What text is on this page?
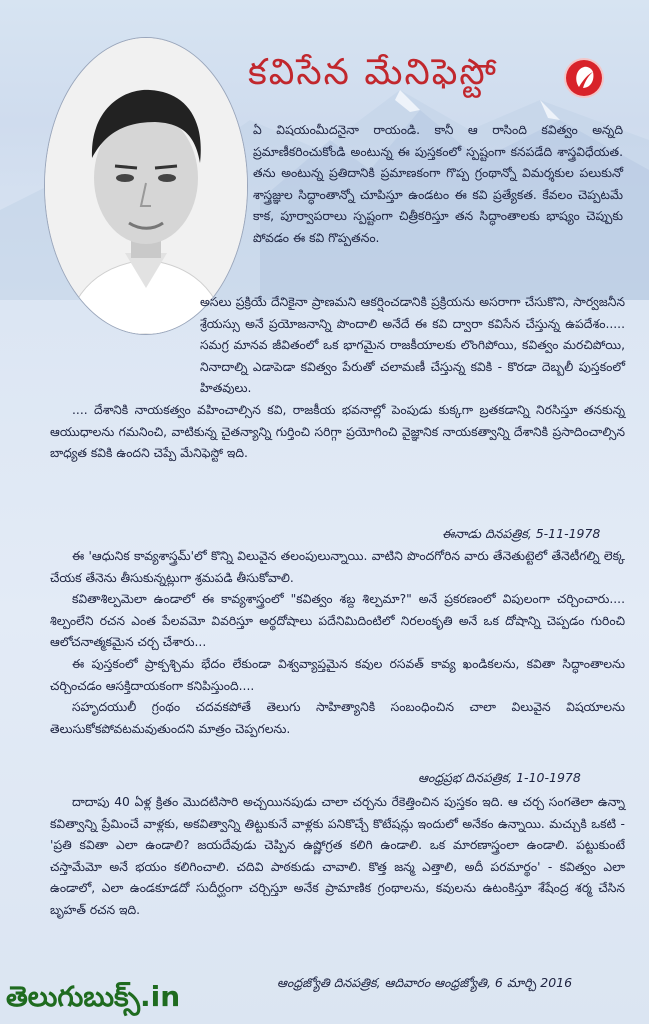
కవిసేన మేనిఫెస్టో

ఏ విషయంమీదనైనా రాయండి. కానీ ఆ రాసింది కవిత్వం అన్నది ప్రమాణీకరించుకోండి అంటున్న ఈ పుస్తకంలో స్పష్టంగా కనపడేది శాస్త్రవిధేయత. తను అంటున్న ప్రతిదానికి ప్రమాణకంగా గొప్ప గ్రంథాన్నో విమర్శకుల పలుకునో శాస్త్రజ్ఞుల సిద్ధాంతాన్నో చూపిస్తూ ఉండటం ఈ కవి ప్రత్యేకత. కేవలం చెప్పటమే కాక, పూర్వాపరాలు స్పష్టంగా చిత్రీకరిస్తూ తన సిద్ధాంతాలకు భాష్యం చెప్పుకు పోవడం ఈ కవి గొప్పతనం.

అసలు ప్రక్రియే దేనికైనా ప్రాణమని ఆకర్షించడానికి ప్రక్రియను అసరాగా చేసుకొని, సార్వజనీన శ్రేయస్సు అనే ప్రయోజనాన్ని పొందాలి అనేదే ఈ కవి ద్వారా కవిసేన చేస్తున్న ఉపదేశం..... సమగ్ర మానవ జీవితంలో ఒక భాగమైన రాజకీయాలకు లొంగిపోయి, కవిత్వం మరచిపోయి, నినాదాల్ని ఎడాపెడా కవిత్వం పేరుతో చలామణీ చేస్తున్న కవికి - కొరడా దెబ్బలీ పుస్తకంలో హితవులు.

.... దేశానికి నాయకత్వం వహించాల్సిన కవి, రాజకీయ భవనాల్లో పెంపుడు కుక్కగా బ్రతకడాన్ని నిరసిస్తూ తనకున్న ఆయుధాలను గమనించి, వాటికున్న చైతన్యాన్ని గుర్తించి సరిగ్గా ప్రయోగించి వైజ్ఞానిక నాయకత్వాన్ని దేశానికి ప్రసాదించాల్సిన బాధ్యత కవికి ఉందని చెప్పే మేనిఫెస్టో ఇది.

ఈనాడు దినపత్రిక, 5-11-1978

ఈ 'ఆధునిక కావ్యశాస్త్రమ్'లో కొన్ని విలువైన తలంపులున్నాయి. వాటిని పొందగోరిన వారు తేనెతుట్టెలో తేనెటీగల్ని లెక్క చేయక తేనెను తీసుకున్నట్లుగా శ్రమపడి తీసుకోవాలి.

కవితాశిల్పమెలా ఉండాలో ఈ కావ్యశాస్త్రంలో "కవిత్వం శబ్ద శిల్పమా?" అనే ప్రకరణంలో విపులంగా చర్చించారు.... శిల్పంలేని రచన ఎంత పేలవమో వివరిస్తూ అర్థదోషాలు పదేనిమిదింటిలో నిరలంకృతి అనే ఒక దోషాన్ని చెప్పడం గురించి ఆలోచనాత్మకమైన చర్చ చేశారు...

ఈ పుస్తకంలో ప్రాక్పశ్చిమ భేదం లేకుండా విశ్వవ్యాప్తమైన కవుల రసవత్ కావ్య ఖండికలను, కవితా సిద్ధాంతాలను చర్చించడం ఆసక్తిదాయకంగా కనిపిస్తుంది....

సహృదయులీ గ్రంథం చదవకపోతే తెలుగు సాహిత్యానికి సంబంధించిన చాలా విలువైన విషయాలను తెలుసుకోకపోవటమవుతుందని మాత్రం చెప్పగలను.

ఆంధ్రప్రభ దినపత్రిక, 1-10-1978

దాదాపు 40 ఏళ్ల క్రితం మొదటిసారి అచ్చయినపుడు చాలా చర్చను రేకెత్తించిన పుస్తకం ఇది. ఆ చర్చ సంగతెలా ఉన్నా కవిత్వాన్ని ప్రేమించే వాళ్లకు, అకవిత్వాన్ని తిట్టుకునే వాళ్లకు పనికొచ్చే కొటేషన్లు ఇందులో అనేకం ఉన్నాయి. మచ్చుకి ఒకటి - 'ప్రతి కవితా ఎలా ఉండాలి? జయదేవుడు చెప్పిన ఉష్ణోగ్రత కలిగి ఉండాలి. ఒక మారణాస్త్రంలా ఉండాలి. పట్టుకుంటే చస్తామేమో అనే భయం కలిగించాలి. చదివి పాఠకుడు చావాలి. కొత్త జన్మ ఎత్తాలి, అదీ పరమార్థం' - కవిత్వం ఎలా ఉండాలో, ఎలా ఉండకూడదో సుదీర్ఘంగా చర్చిస్తూ అనేక ప్రామాణిక గ్రంథాలను, కవులను ఉటంకిస్తూ శేషేంద్ర శర్మ చేసిన బృహత్ రచన ఇది.

ఆంధ్రజ్యోతి దినపత్రిక, ఆదివారం ఆంధ్రజ్యోతి, 6 మార్చి 2016
తెలుగుబుక్స్.in
